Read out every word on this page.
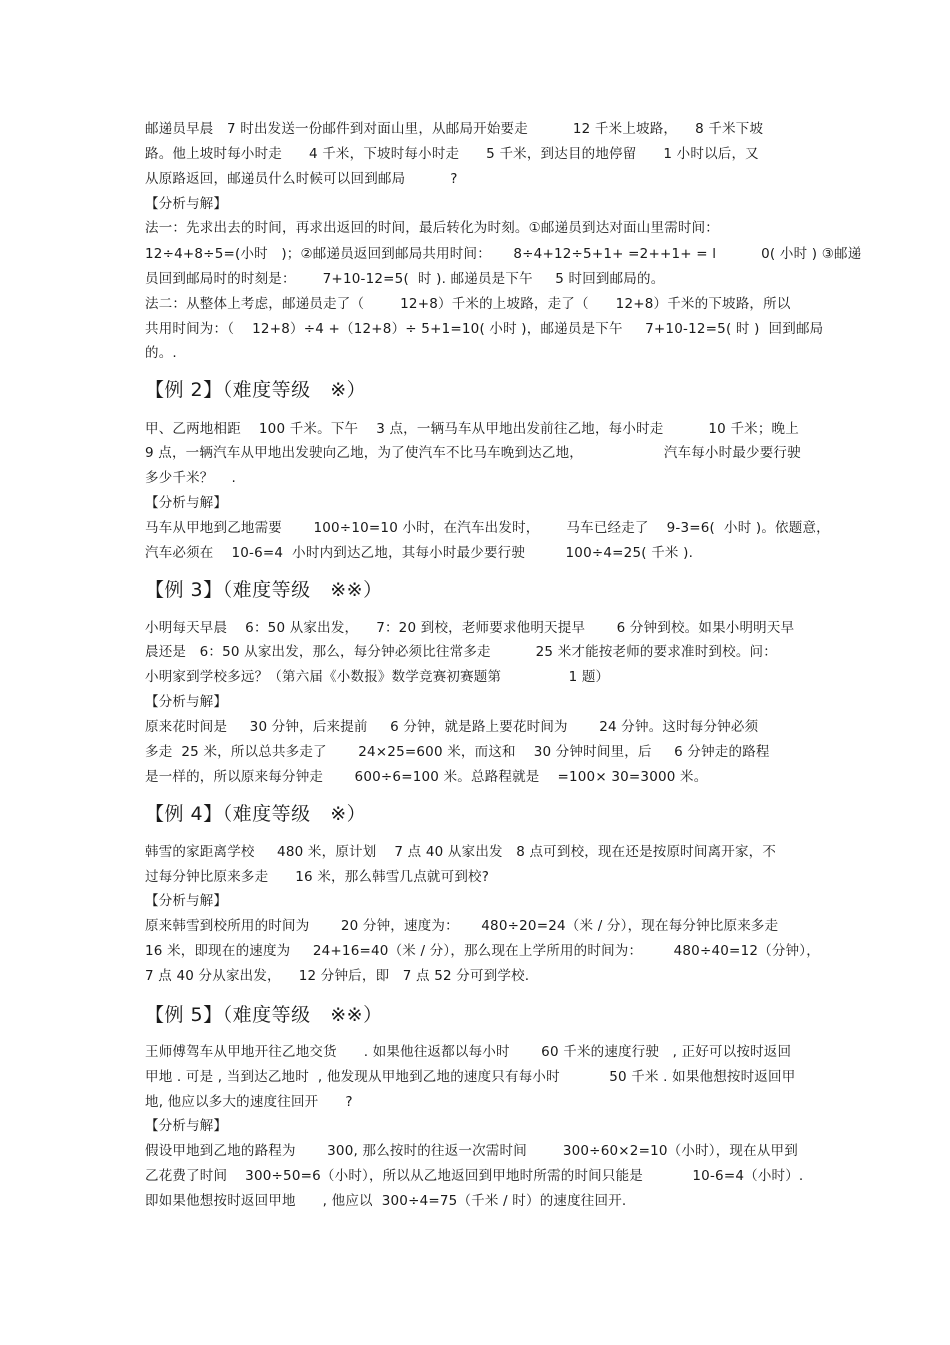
邮递员早晨   7 时出发送一份邮件到对面山里，从邮局开始要走          12 千米上坡路，    8 千米下坡
路。他上坡时每小时走      4 千米，下坡时每小时走      5 千米，到达目的地停留      1 小时以后，又
从原路返回，邮递员什么时候可以回到邮局          ?
【分析与解】
法一：先求出去的时间，再求出返回的时间，最后转化为时刻。①邮递员到达对面山里需时间：
12÷4+8÷5=(小时   )；②邮递员返回到邮局共用时间：     8÷4+12÷5+1+ =2++1+ = l          0( 小时 ) ③邮递
员回到邮局时的时刻是：      7+10-12=5(  时 ). 邮递员是下午     5 时回到邮局的。
法二：从整体上考虑，邮递员走了（        12+8）千米的上坡路，走了（      12+8）千米的下坡路，所以
共用时间为：（    12+8）÷4 +（12+8）÷ 5+1=10( 小时 )，邮递员是下午     7+10-12=5( 时 )  回到邮局
的。.
【例 2】（难度等级   ※）
甲、乙两地相距    100 千米。下午    3 点，一辆马车从甲地出发前往乙地，每小时走          10 千米；晚上
9 点，一辆汽车从甲地出发驶向乙地，为了使汽车不比马车晚到达乙地，                  汽车每小时最少要行驶
多少千米？    .
【分析与解】
马车从甲地到乙地需要       100÷10=10 小时，在汽车出发时，      马车已经走了    9-3=6(  小时 )。依题意，
汽车必须在    10-6=4  小时内到达乙地，其每小时最少要行驶         100÷4=25( 千米 ).
【例 3】（难度等级   ※※）
小明每天早晨    6：50 从家出发，    7：20 到校，老师要求他明天提早       6 分钟到校。如果小明明天早
晨还是   6：50 从家出发，那么，每分钟必须比往常多走          25 米才能按老师的要求准时到校。问：
小明家到学校多远？（第六届《小数报》数学竞赛初赛题第               1 题）
【分析与解】
原来花时间是     30 分钟，后来提前     6 分钟，就是路上要花时间为       24 分钟。这时每分钟必须
多走  25 米，所以总共多走了       24×25=600 米，而这和    30 分钟时间里，后     6 分钟走的路程
是一样的，所以原来每分钟走       600÷6=100 米。总路程就是    =100× 30=3000 米。
【例 4】（难度等级   ※）
韩雪的家距离学校     480 米，原计划    7 点 40 从家出发   8 点可到校，现在还是按原时间离开家，不
过每分钟比原来多走      16 米，那么韩雪几点就可到校?
【分析与解】
原来韩雪到校所用的时间为       20 分钟，速度为：     480÷20=24（米 / 分），现在每分钟比原来多走
16 米，即现在的速度为     24+16=40（米 / 分），那么现在上学所用的时间为：       480÷40=12（分钟），
7 点 40 分从家出发，    12 分钟后，即   7 点 52 分可到学校.
【例 5】（难度等级   ※※）
王师傅驾车从甲地开往乙地交货      . 如果他往返都以每小时       60 千米的速度行驶   , 正好可以按时返回
甲地 . 可是 , 当到达乙地时  , 他发现从甲地到乙地的速度只有每小时           50 千米 . 如果他想按时返回甲
地, 他应以多大的速度往回开      ?
【分析与解】
假设甲地到乙地的路程为       300, 那么按时的往返一次需时间        300÷60×2=10（小时），现在从甲到
乙花费了时间    300÷50=6（小时），所以从乙地返回到甲地时所需的时间只能是           10-6=4（小时）.
即如果他想按时返回甲地      , 他应以  300÷4=75（千米 / 时）的速度往回开.
